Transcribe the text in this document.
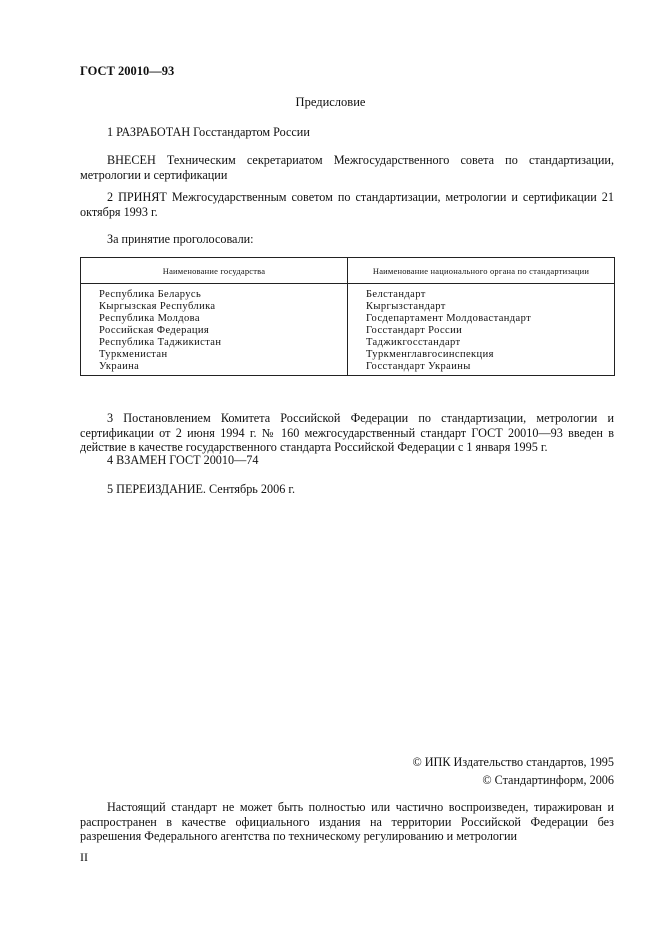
ГОСТ 20010—93
Предисловие
1 РАЗРАБОТАН Госстандартом России
ВНЕСЕН Техническим секретариатом Межгосударственного совета по стандартизации, метрологии и сертификации
2 ПРИНЯТ Межгосударственным советом по стандартизации, метрологии и сертификации 21 октября 1993 г.
За принятие проголосовали:
Наименование государства	Наименование национального органа по стандартизации
Республика Беларусь	Белстандарт
Кыргызская Республика	Кыргызстандарт
Республика Молдова	Госдепартамент Молдовастандарт
Российская Федерация	Госстандарт России
Республика Таджикистан	Таджикгосстандарт
Туркменистан	Туркменглавгосинспекция
Украина	Госстандарт Украины
3 Постановлением Комитета Российской Федерации по стандартизации, метрологии и сертификации от 2 июня 1994 г. № 160 межгосударственный стандарт ГОСТ 20010—93 введен в действие в качестве государственного стандарта Российской Федерации с 1 января 1995 г.
4 ВЗАМЕН ГОСТ 20010—74
5 ПЕРЕИЗДАНИЕ. Сентябрь 2006 г.
© ИПК Издательство стандартов, 1995
© Стандартинформ, 2006
Настоящий стандарт не может быть полностью или частично воспроизведен, тиражирован и распространен в качестве официального издания на территории Российской Федерации без разрешения Федерального агентства по техническому регулированию и метрологии
II
